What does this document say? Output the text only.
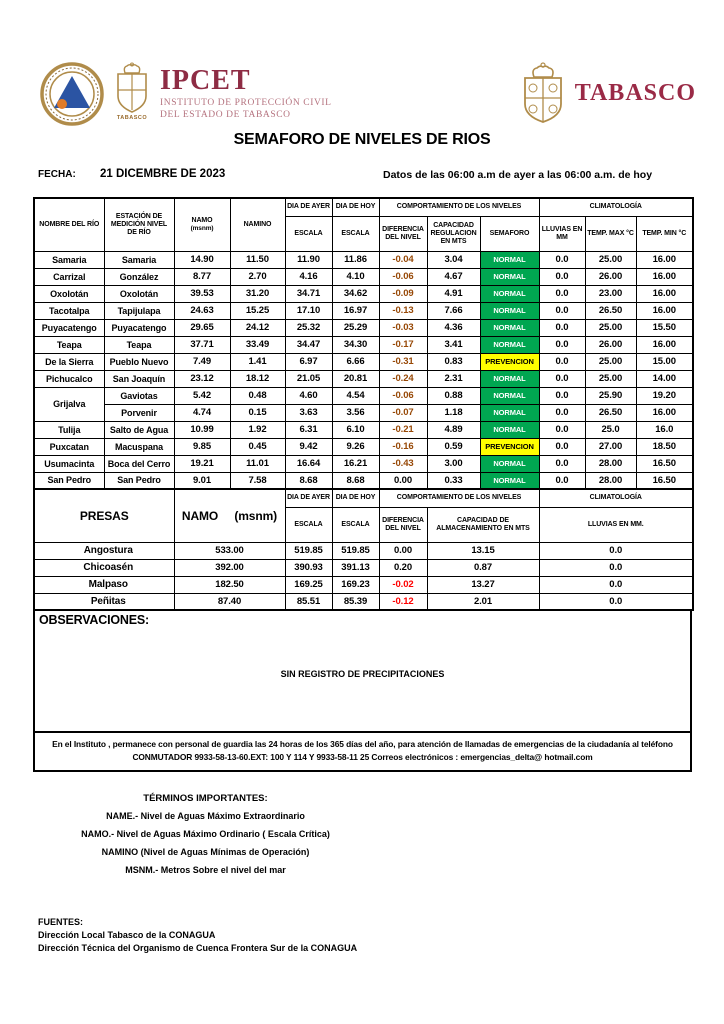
TABASCO
IPCET
INSTITUTO DE PROTECCIÓN CIVIL
DEL ESTADO DE TABASCO
TABASCO
SEMAFORO DE NIVELES DE RIOS
FECHA: 21 DICEMBRE DE 2023	Datos de las 06:00 a.m de ayer a las 06:00 a.m. de hoy
NOMBRE DEL RÍO	ESTACIÓN DE MEDICIÓN NIVEL DE RÍO	NAMO
(msnm)	NAMINO	DIA DE AYER	DIA DE HOY	COMPORTAMIENTO DE LOS NIVELES			CLIMATOLOGÍA		
				ESCALA	ESCALA	DIFERENCIA DEL NIVEL	CAPACIDAD REGULACION EN MTS	SEMAFORO	LLUVIAS EN MM	TEMP. MAX °C	TEMP. MIN °C
Samaria	Samaria	14.90	11.50	11.90	11.86	-0.04	3.04	NORMAL	0.0	25.00	16.00
Carrizal	González	8.77	2.70	4.16	4.10	-0.06	4.67	NORMAL	0.0	26.00	16.00
Oxolotán	Oxolotán	39.53	31.20	34.71	34.62	-0.09	4.91	NORMAL	0.0	23.00	16.00
Tacotalpa	Tapijulapa	24.63	15.25	17.10	16.97	-0.13	7.66	NORMAL	0.0	26.50	16.00
Puyacatengo	Puyacatengo	29.65	24.12	25.32	25.29	-0.03	4.36	NORMAL	0.0	25.00	15.50
Teapa	Teapa	37.71	33.49	34.47	34.30	-0.17	3.41	NORMAL	0.0	26.00	16.00
De la Sierra	Pueblo Nuevo	7.49	1.41	6.97	6.66	-0.31	0.83	PREVENCION	0.0	25.00	15.00
Pichucalco	San Joaquín	23.12	18.12	21.05	20.81	-0.24	2.31	NORMAL	0.0	25.00	14.00
Grijalva	Gaviotas	5.42	0.48	4.60	4.54	-0.06	0.88	NORMAL	0.0	25.90	19.20
	Porvenir	4.74	0.15	3.63	3.56	-0.07	1.18	NORMAL	0.0	26.50	16.00
Tulija	Salto de Agua	10.99	1.92	6.31	6.10	-0.21	4.89	NORMAL	0.0	25.0	16.0
Puxcatan	Macuspana	9.85	0.45	9.42	9.26	-0.16	0.59	PREVENCION	0.0	27.00	18.50
Usumacinta	Boca del Cerro	19.21	11.01	16.64	16.21	-0.43	3.00	NORMAL	0.0	28.00	16.50
San Pedro	San Pedro	9.01	7.58	8.68	8.68	0.00	0.33	NORMAL	0.0	28.00	16.50
PRESAS	NAMO (msnm)	DIA DE AYER	DIA DE HOY	COMPORTAMIENTO DE LOS NIVELES		CLIMATOLOGÍA
		ESCALA	ESCALA	DIFERENCIA DEL NIVEL	CAPACIDAD DE ALMACENAMIENTO EN MTS	LLUVIAS EN MM.
Angostura	533.00	519.85	519.85	0.00	13.15	0.0
Chicoasén	392.00	390.93	391.13	0.20	0.87	0.0
Malpaso	182.50	169.25	169.23	-0.02	13.27	0.0
Peñitas	87.40	85.51	85.39	-0.12	2.01	0.0
OBSERVACIONES:
SIN REGISTRO DE PRECIPITACIONES
En el Instituto , permanece con personal de guardia las 24 horas de los 365 días del año, para atención de llamadas de emergencias de la ciudadanía al teléfono
CONMUTADOR 9933-58-13-60.EXT: 100 Y 114 Y 9933-58-11 25 Correos electrónicos : emergencias_delta@ hotmail.com
TÉRMINOS IMPORTANTES:
NAME.- Nivel de Aguas Máximo Extraordinario
NAMO.- Nivel de Aguas Máximo Ordinario ( Escala Crítica)
NAMINO (Nivel de Aguas Mínimas de Operación)
MSNM.- Metros Sobre el nivel del mar
FUENTES:
Dirección Local Tabasco de la CONAGUA
Dirección Técnica del Organismo de Cuenca Frontera Sur de la CONAGUA
